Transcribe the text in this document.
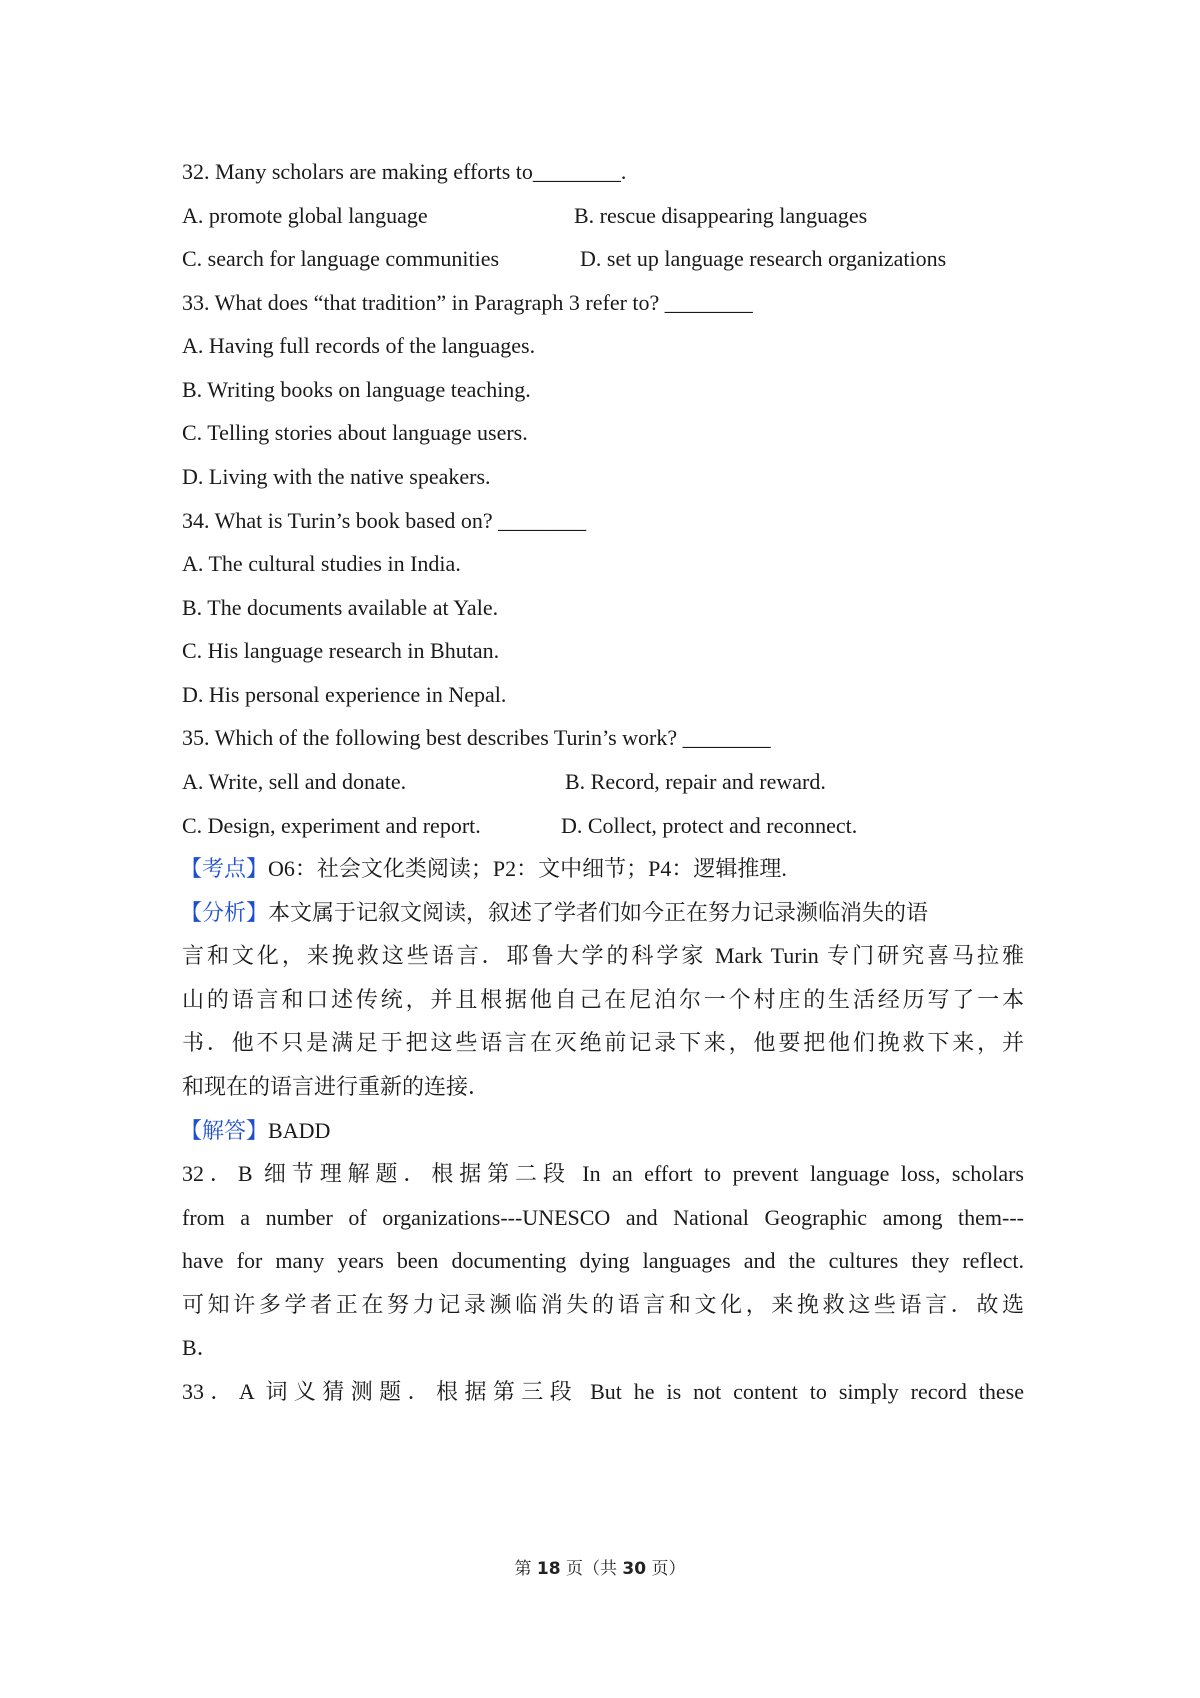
32. Many scholars are making efforts to________.
A. promote global language	B. rescue disappearing languages
C. search for language communities	D. set up language research organizations
33. What does “that tradition” in Paragraph 3 refer to? ________
A. Having full records of the languages.
B. Writing books on language teaching.
C. Telling stories about language users.
D. Living with the native speakers.
34. What is Turin’s book based on? ________
A. The cultural studies in India.
B. The documents available at Yale.
C. His language research in Bhutan.
D. His personal experience in Nepal.
35. Which of the following best describes Turin’s work? ________
A. Write, sell and donate.	B. Record, repair and reward.
C. Design, experiment and report.	D. Collect, protect and reconnect.
【考点】O6：社会文化类阅读；P2：文中细节；P4：逻辑推理.
【分析】本文属于记叙文阅读，叙述了学者们如今正在努力记录濒临消失的语
言和文化，来挽救这些语言．耶鲁大学的科学家 Mark Turin 专门研究喜马拉雅
山的语言和口述传统，并且根据他自己在尼泊尔一个村庄的生活经历写了一本
书．他不只是满足于把这些语言在灭绝前记录下来，他要把他们挽救下来，并
和现在的语言进行重新的连接．
【解答】BADD
32．B 细节理解题．根据第二段 In an effort to prevent language loss, scholars
from a number of organizations---UNESCO and National Geographic among them---
have for many years been documenting dying languages and the cultures they reflect.
可知许多学者正在努力记录濒临消失的语言和文化，来挽救这些语言．故选
B．
33．A 词义猜测题．根据第三段 But he is not content to simply record these
第 18 页（共 30 页）
